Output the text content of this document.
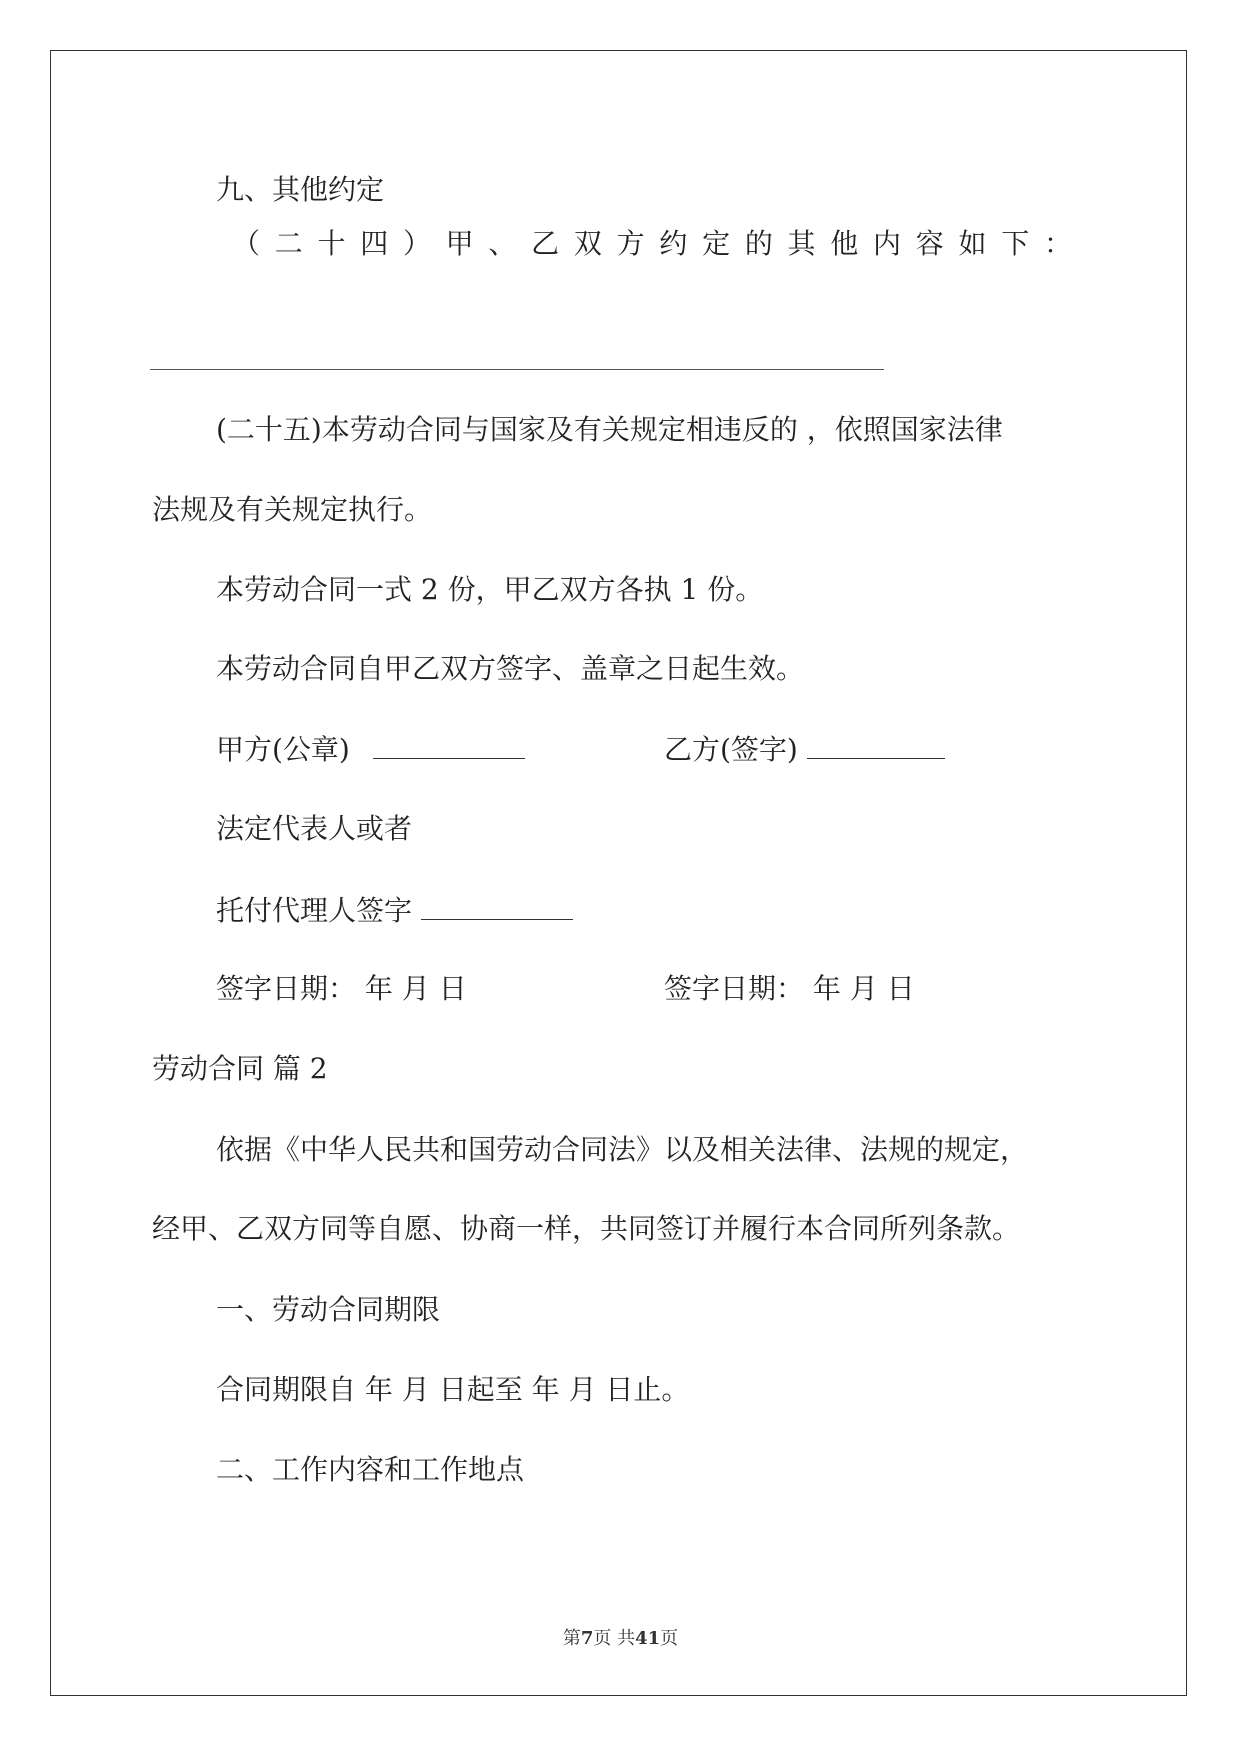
九、其他约定
（ 二 十 四 ） 甲 、 乙 双 方 约 定 的 其 他 内 容 如 下 ：
(二十五)本劳动合同与国家及有关规定相违反的 ，依照国家法律
法规及有关规定执行。
本劳动合同一式 2 份，甲乙双方各执 1 份。
本劳动合同自甲乙双方签字、盖章之日起生效。
甲方(公章)	乙方(签字)
法定代表人或者
托付代理人签字
签字日期： 年 月 日	签字日期： 年 月 日
劳动合同 篇 2
依据《中华人民共和国劳动合同法》以及相关法律、法规的规定，
经甲、乙双方同等自愿、协商一样，共同签订并履行本合同所列条款。
一、劳动合同期限
合同期限自 年 月 日起至 年 月 日止。
二、工作内容和工作地点
第7页 共41页
